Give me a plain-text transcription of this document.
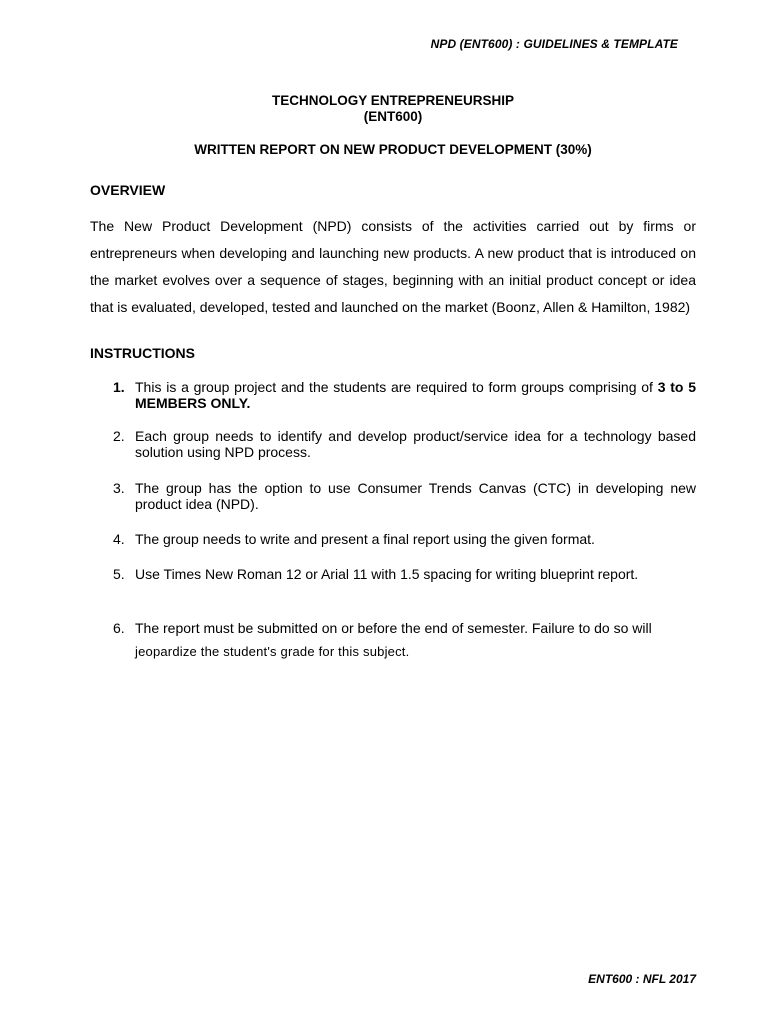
NPD (ENT600) : GUIDELINES & TEMPLATE
TECHNOLOGY ENTREPRENEURSHIP
(ENT600)
WRITTEN REPORT ON NEW PRODUCT DEVELOPMENT (30%)
OVERVIEW
The New Product Development (NPD) consists of the activities carried out by firms or entrepreneurs when developing and launching new products. A new product that is introduced on the market evolves over a sequence of stages, beginning with an initial product concept or idea that is evaluated, developed, tested and launched on the market (Boonz, Allen & Hamilton, 1982)
INSTRUCTIONS
1. This is a group project and the students are required to form groups comprising of 3 to 5 MEMBERS ONLY.
2. Each group needs to identify and develop product/service idea for a technology based solution using NPD process.
3. The group has the option to use Consumer Trends Canvas (CTC) in developing new product idea (NPD).
4. The group needs to write and present a final report using the given format.
5. Use Times New Roman 12 or Arial 11 with 1.5 spacing for writing blueprint report.
6. The report must be submitted on or before the end of semester. Failure to do so will
jeopardize the student's grade for this subject.
ENT600 : NFL 2017
